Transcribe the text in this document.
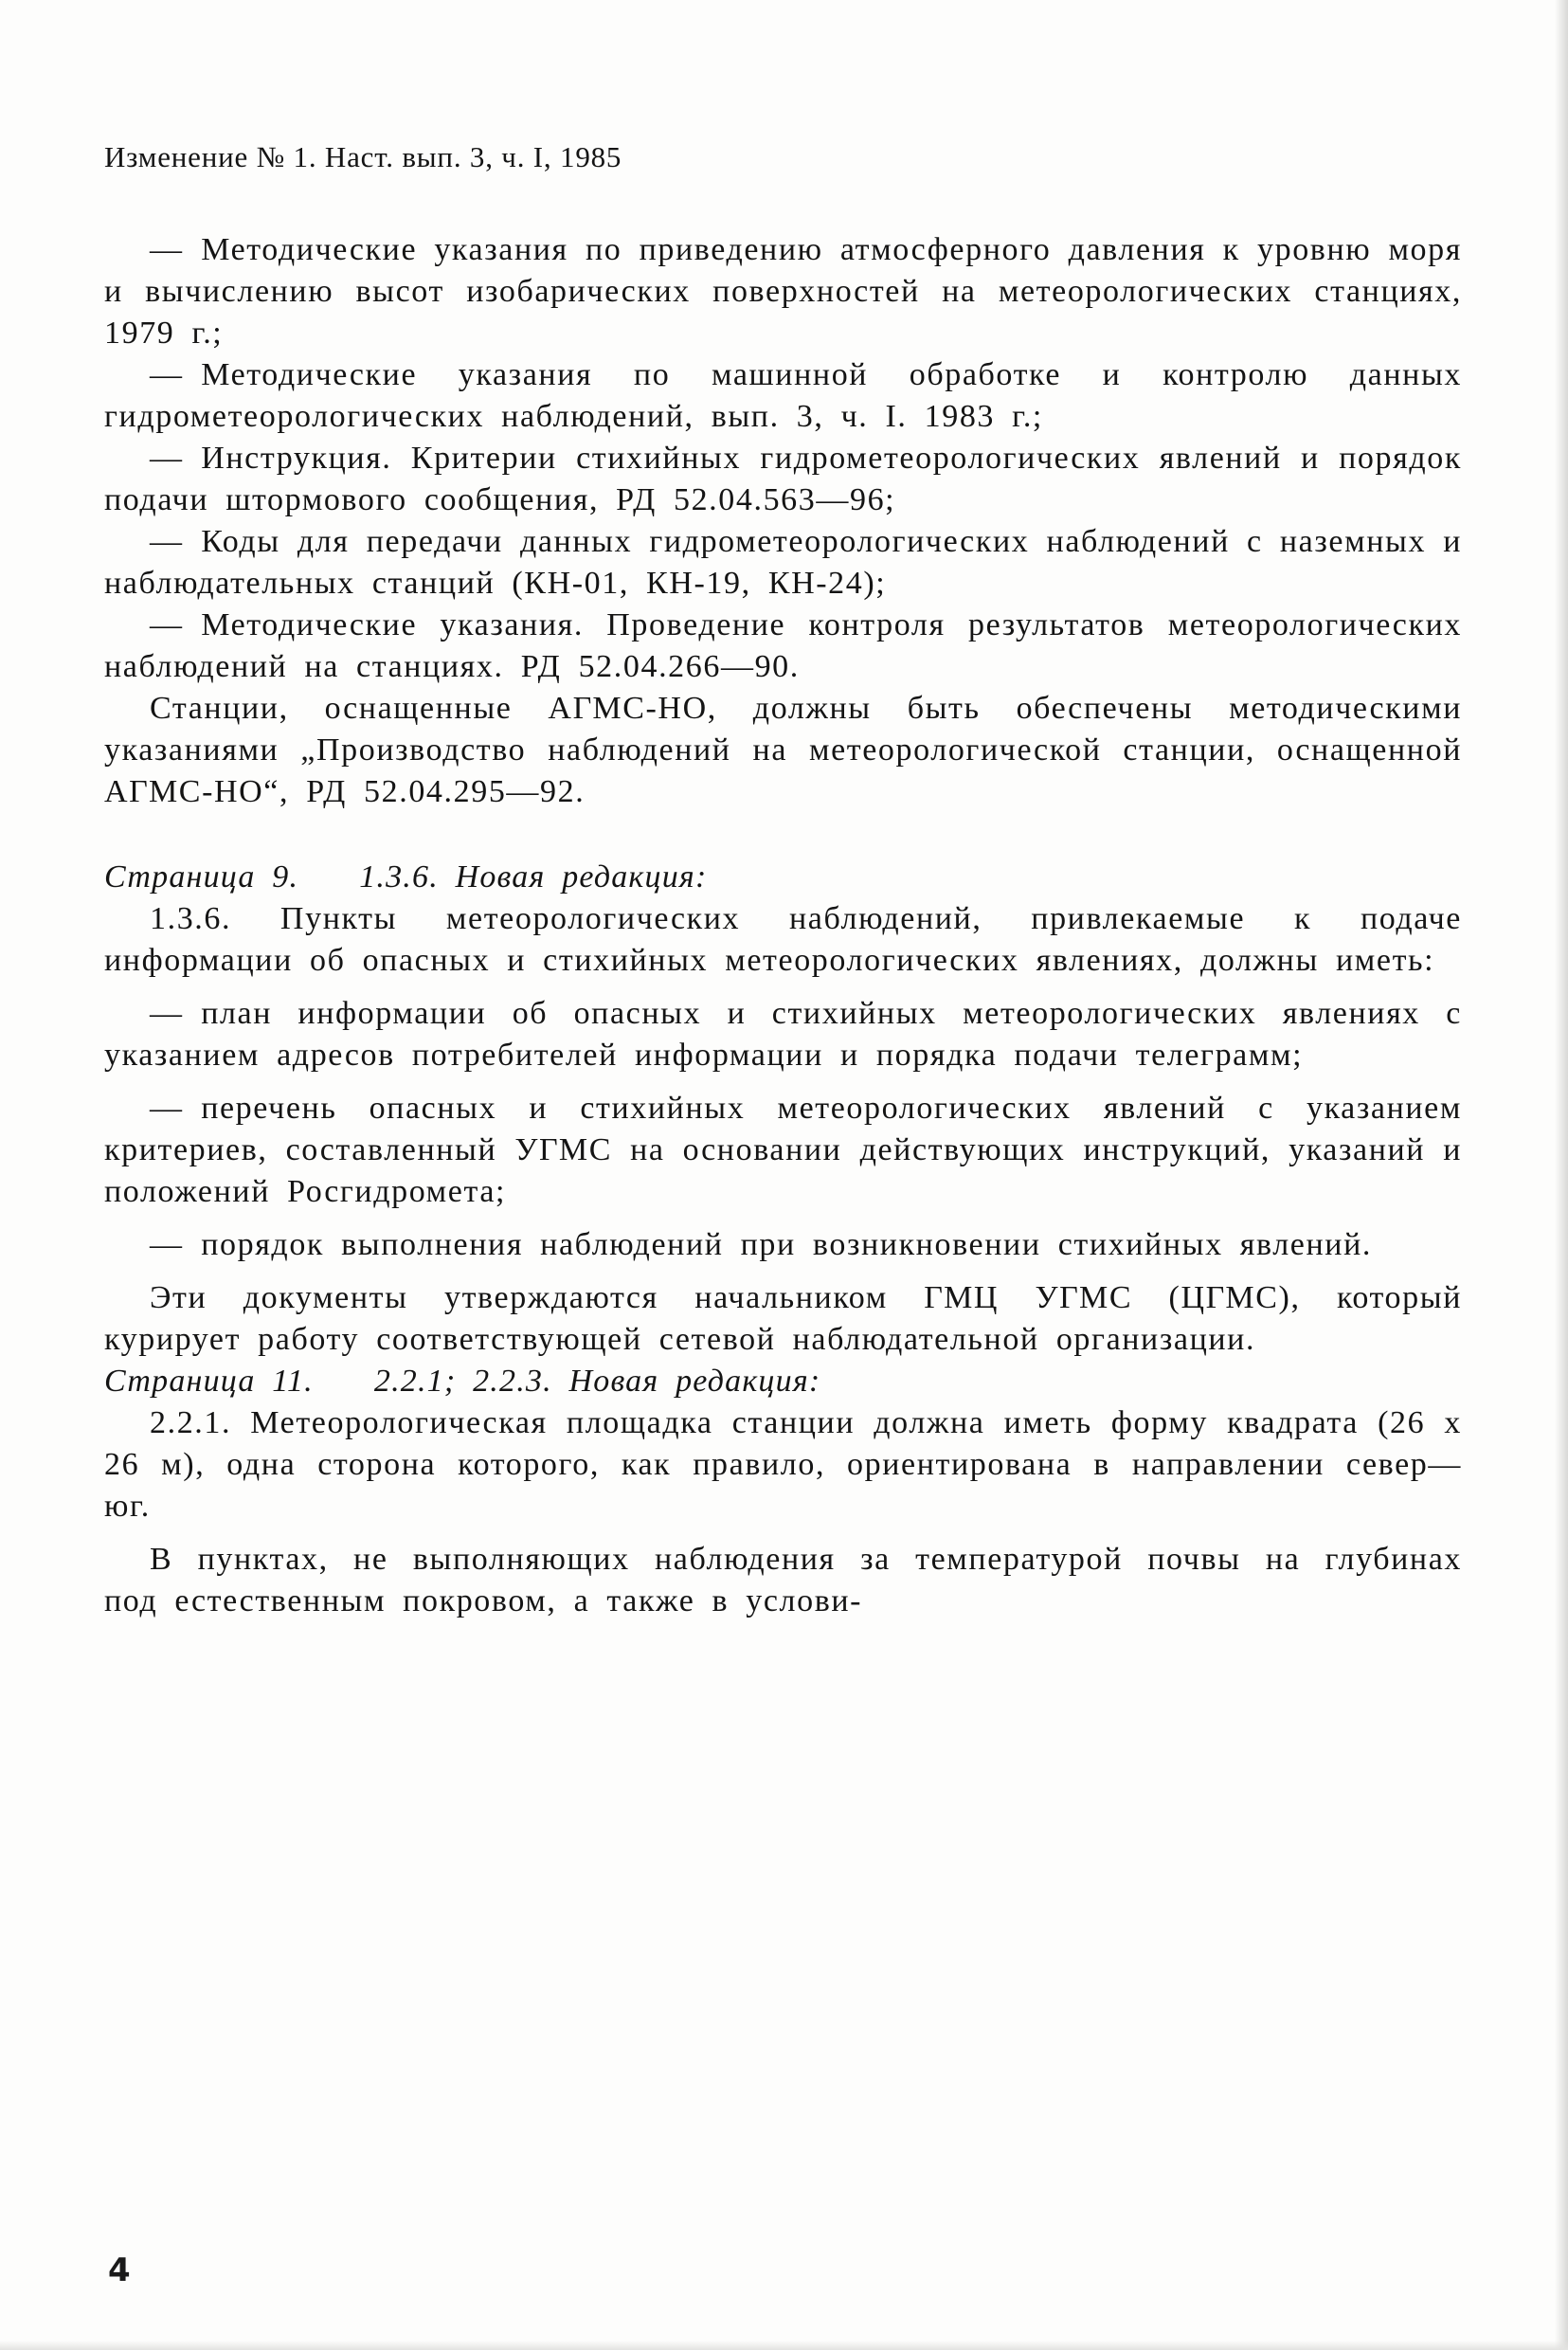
Изменение № 1. Наст. вып. 3, ч. I, 1985

— Методические указания по приведению атмосферного давления к уровню моря и вычислению высот изобарических поверхностей на метеорологических станциях, 1979 г.;

— Методические указания по машинной обработке и контролю данных гидрометеорологических наблюдений, вып. 3, ч. I. 1983 г.;

— Инструкция. Критерии стихийных гидрометеорологических явлений и порядок подачи штормового сообщения, РД 52.04.563—96;

— Коды для передачи данных гидрометеорологических наблюдений с наземных и наблюдательных станций (КН-01, КН-19, КН-24);

— Методические указания. Проведение контроля результатов метеорологических наблюдений на станциях. РД 52.04.266—90.

Станции, оснащенные АГМС-НО, должны быть обеспечены методическими указаниями „Производство наблюдений на метеорологической станции, оснащенной АГМС-НО“, РД 52.04.295—92.

Страница 9. 1.3.6. Новая редакция:

1.3.6. Пункты метеорологических наблюдений, привлекаемые к подаче информации об опасных и стихийных метеорологических явлениях, должны иметь:

— план информации об опасных и стихийных метеорологических явлениях с указанием адресов потребителей информации и порядка подачи телеграмм;

— перечень опасных и стихийных метеорологических явлений с указанием критериев, составленный УГМС на основании действующих инструкций, указаний и положений Росгидромета;

— порядок выполнения наблюдений при возникновении стихийных явлений.

Эти документы утверждаются начальником ГМЦ УГМС (ЦГМС), который курирует работу соответствующей сетевой наблюдательной организации.

Страница 11. 2.2.1; 2.2.3. Новая редакция:

2.2.1. Метеорологическая площадка станции должна иметь форму квадрата (26 х 26 м), одна сторона которого, как правило, ориентирована в направлении север—юг.

В пунктах, не выполняющих наблюдения за температурой почвы на глубинах под естественным покровом, а также в услови-

4
